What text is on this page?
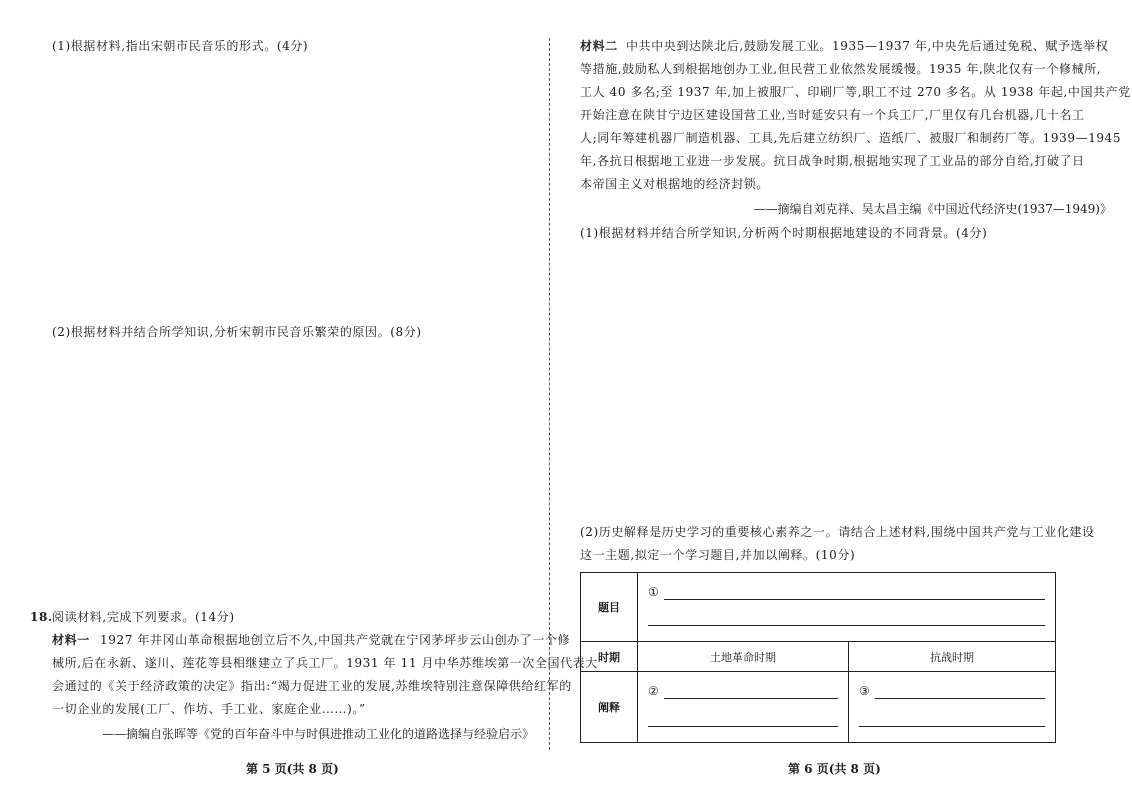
(1)根据材料,指出宋朝市民音乐的形式。(4分)
(2)根据材料并结合所学知识,分析宋朝市民音乐繁荣的原因。(8分)
18. 阅读材料,完成下列要求。(14分)
材料一 1927 年井冈山革命根据地创立后不久,中国共产党就在宁冈茅坪步云山创办了一个修
械所,后在永新、遂川、莲花等县相继建立了兵工厂。1931 年 11 月中华苏维埃第一次全国代表大
会通过的《关于经济政策的决定》指出:“竭力促进工业的发展,苏维埃特别注意保障供给红军的
一切企业的发展(工厂、作坊、手工业、家庭企业……)。”
——摘编自张晖等《党的百年奋斗中与时俱进推动工业化的道路选择与经验启示》
第 5 页(共 8 页)
材料二 中共中央到达陕北后,鼓励发展工业。1935—1937 年,中央先后通过免税、赋予选举权
等措施,鼓励私人到根据地创办工业,但民营工业依然发展缓慢。1935 年,陕北仅有一个修械所,
工人 40 多名;至 1937 年,加上被服厂、印刷厂等,职工不过 270 多名。从 1938 年起,中国共产党
开始注意在陕甘宁边区建设国营工业,当时延安只有一个兵工厂,厂里仅有几台机器,几十名工
人;同年筹建机器厂制造机器、工具,先后建立纺织厂、造纸厂、被服厂和制药厂等。1939—1945
年,各抗日根据地工业进一步发展。抗日战争时期,根据地实现了工业品的部分自给,打破了日
本帝国主义对根据地的经济封锁。
——摘编自刘克祥、吴太昌主编《中国近代经济史(1937—1949)》
(1)根据材料并结合所学知识,分析两个时期根据地建设的不同背景。(4分)
(2)历史解释是历史学习的重要核心素养之一。请结合上述材料,围绕中国共产党与工业化建设
这一主题,拟定一个学习题目,并加以阐释。(10分)
第 6 页(共 8 页)
题目	①	

时期	土地革命时期	抗战时期
阐释	②	③
